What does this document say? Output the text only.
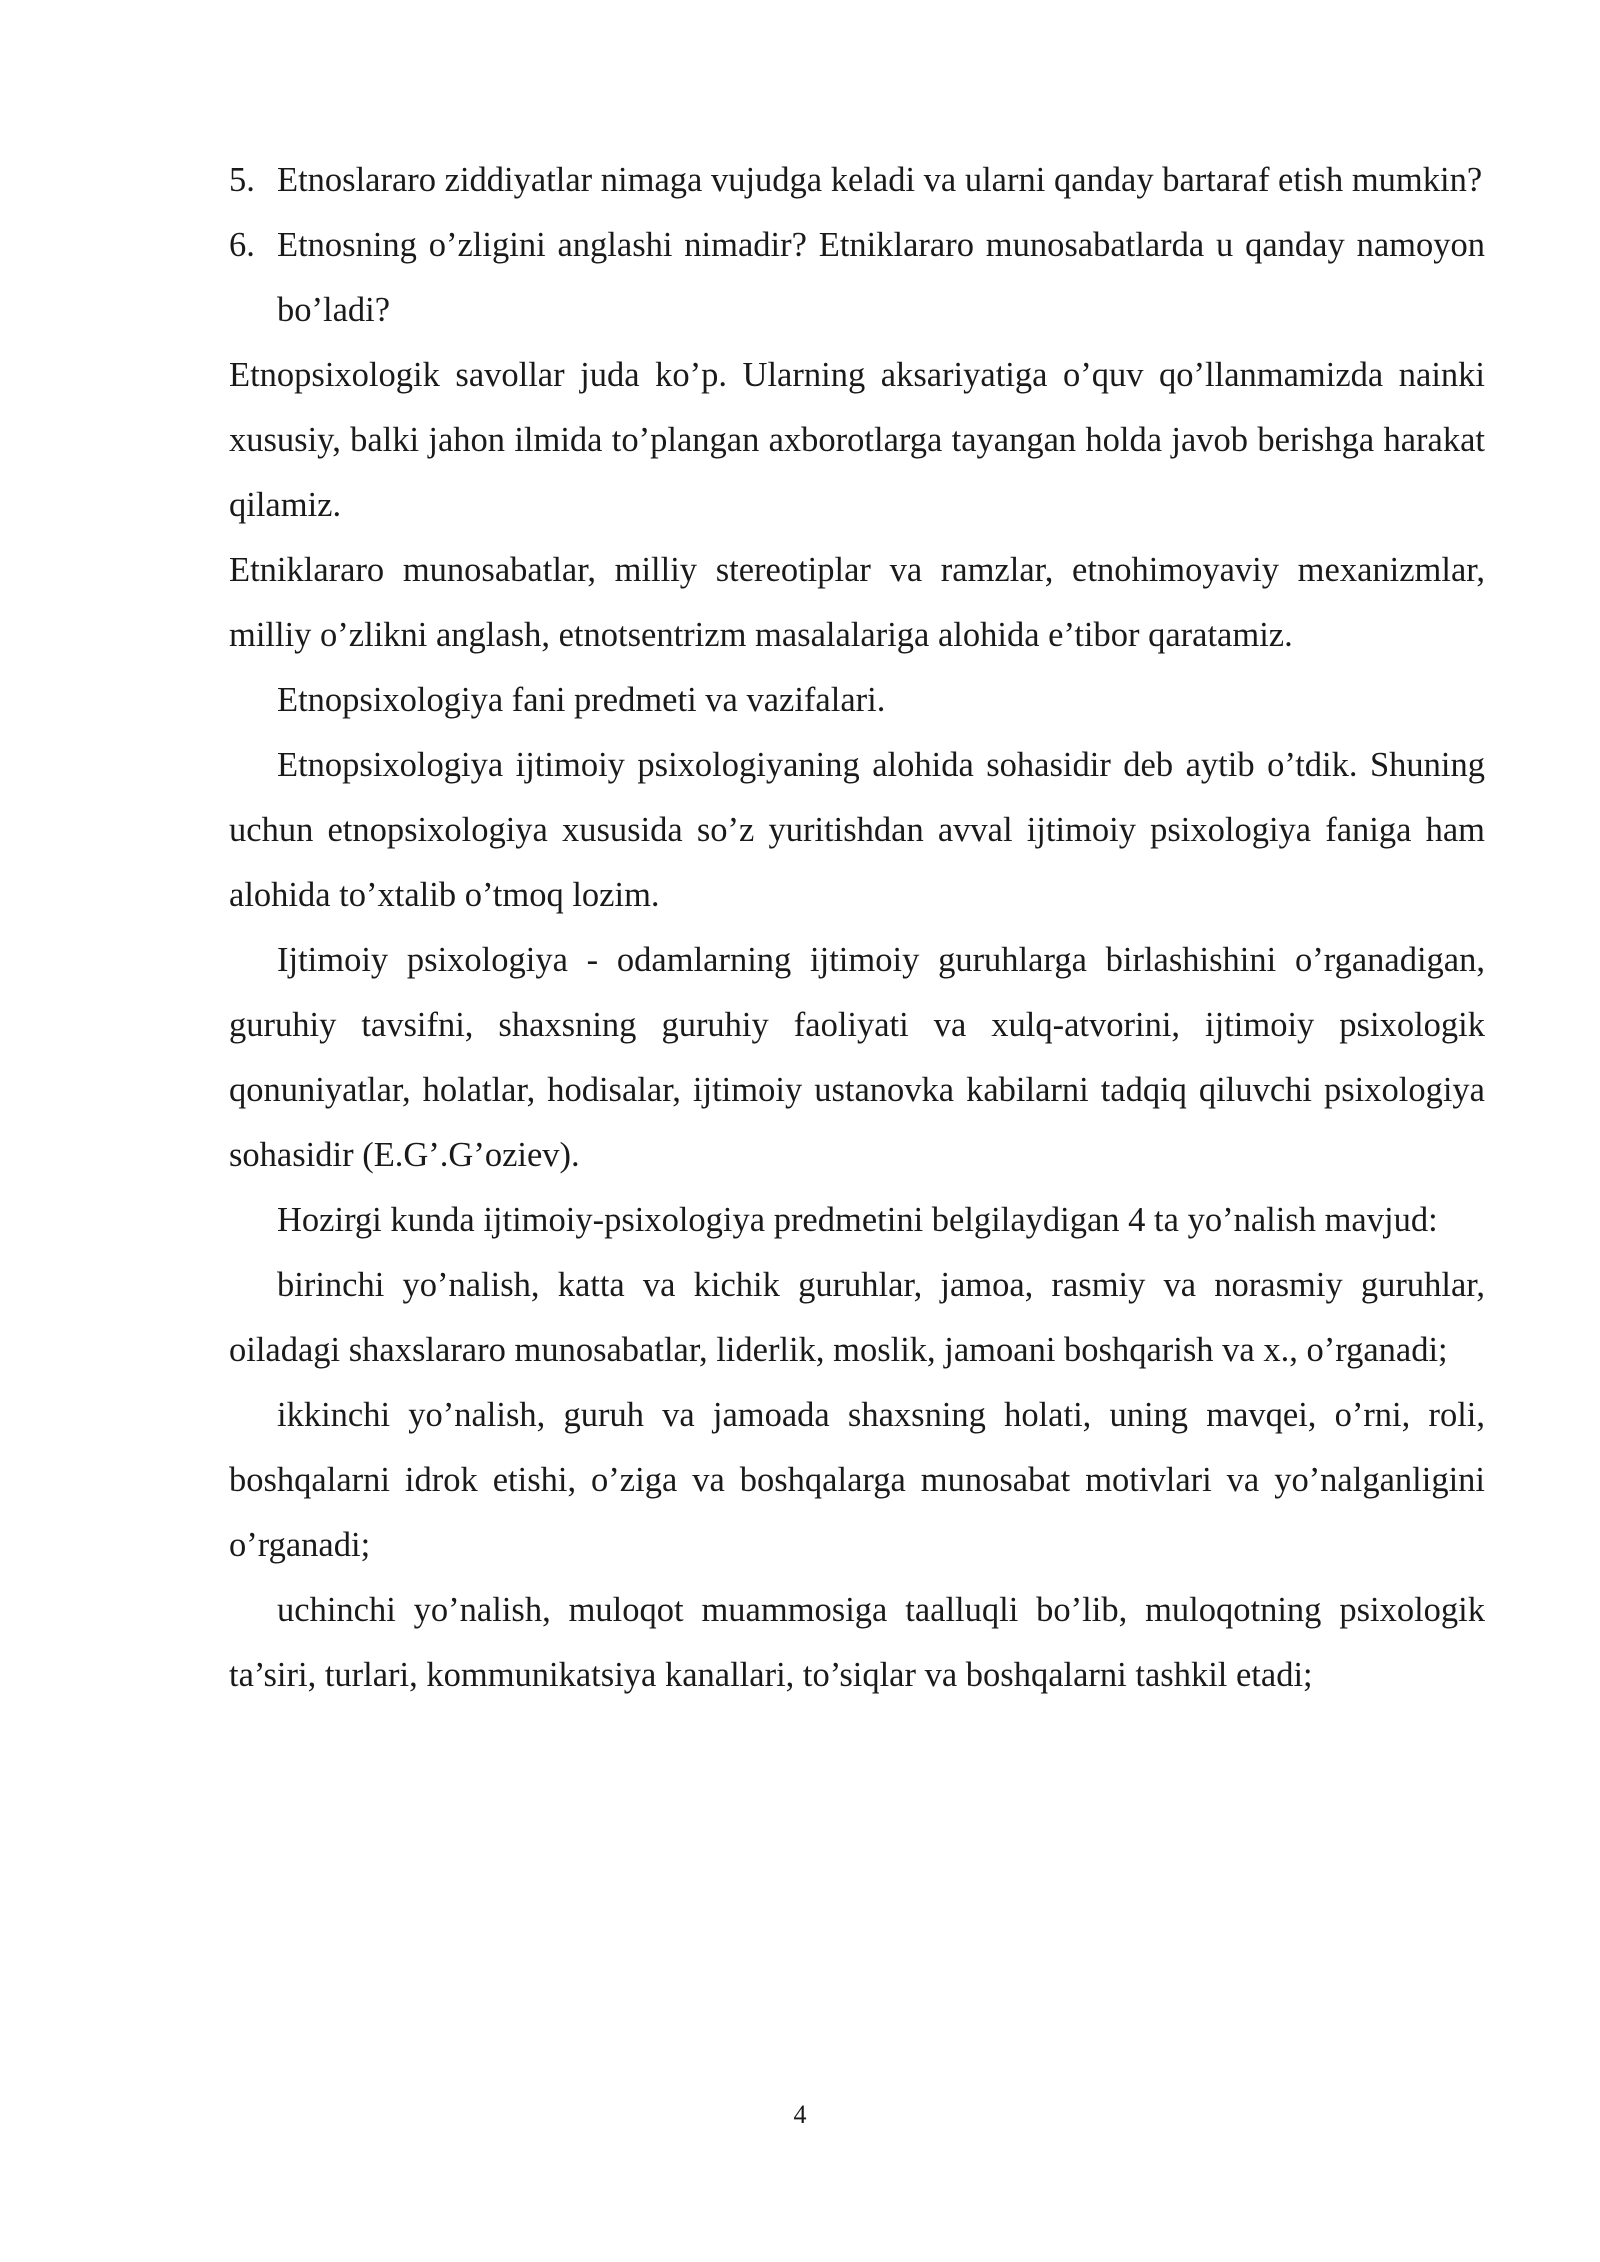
5. Etnoslararo ziddiyatlar nimaga vujudga keladi va ularni qanday bartaraf etish mumkin?
6. Etnosning o’zligini anglashi nimadir? Etniklararo munosabatlarda u qanday namoyon bo’ladi?

Etnopsixologik savollar juda ko’p. Ularning aksariyatiga o’quv qo’llanmamizda nainki xususiy, balki jahon ilmida to’plangan axborotlarga tayangan holda javob berishga harakat qilamiz.

Etniklararo munosabatlar, milliy stereotiplar va ramzlar, etnohimoyaviy mexanizmlar, milliy o’zlikni anglash, etnotsentrizm masalalariga alohida e’tibor qaratamiz.

Etnopsixologiya fani predmeti va vazifalari.

Etnopsixologiya ijtimoiy psixologiyaning alohida sohasidir deb aytib o’tdik. Shuning uchun etnopsixologiya xususida so’z yuritishdan avval ijtimoiy psixologiya faniga ham alohida to’xtalib o’tmoq lozim.

Ijtimoiy psixologiya - odamlarning ijtimoiy guruhlarga birlashishini o’rganadigan, guruhiy tavsifni, shaxsning guruhiy faoliyati va xulq-atvorini, ijtimoiy psixologik qonuniyatlar, holatlar, hodisalar, ijtimoiy ustanovka kabilarni tadqiq qiluvchi psixologiya sohasidir (E.G’.G’oziev).

Hozirgi kunda ijtimoiy-psixologiya predmetini belgilaydigan 4 ta yo’nalish mavjud:

birinchi yo’nalish, katta va kichik guruhlar, jamoa, rasmiy va norasmiy guruhlar, oiladagi shaxslararo munosabatlar, liderlik, moslik, jamoani boshqarish va x., o’rganadi;

ikkinchi yo’nalish, guruh va jamoada shaxsning holati, uning mavqei, o’rni, roli, boshqalarni idrok etishi, o’ziga va boshqalarga munosabat motivlari va yo’nalganligini o’rganadi;

uchinchi yo’nalish, muloqot muammosiga taalluqli bo’lib, muloqotning psixologik ta’siri, turlari, kommunikatsiya kanallari, to’siqlar va boshqalarni tashkil etadi;

4
